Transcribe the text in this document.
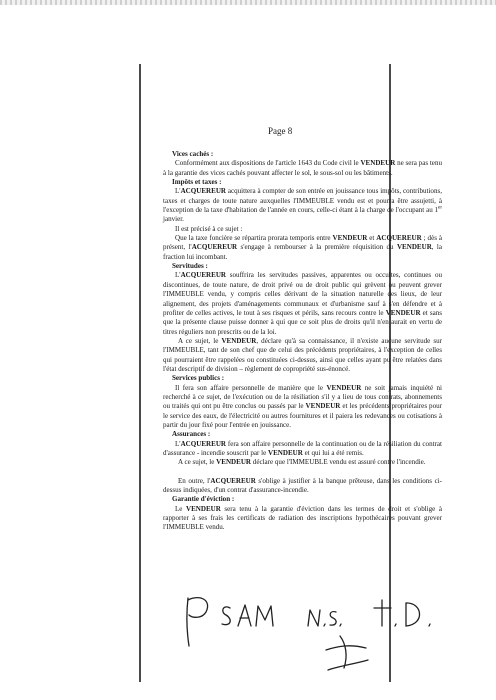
Page 8

Vices cachés :

Conformément aux dispositions de l'article 1643 du Code civil le VENDEUR ne sera pas tenu à la garantie des vices cachés pouvant affecter le sol, le sous-sol ou les bâtiments.

Impôts et taxes :

L'ACQUEREUR acquittera à compter de son entrée en jouissance tous impôts, contributions, taxes et charges de toute nature auxquelles l'IMMEUBLE vendu est et pourra être assujetti, à l'exception de la taxe d'habitation de l'année en cours, celle-ci étant à la charge de l'occupant au 1er janvier.

Il est précisé à ce sujet :

Que la taxe foncière se répartira prorata temporis entre VENDEUR et ACQUEREUR ; dès à présent, l'ACQUEREUR s'engage à rembourser à la première réquisition du VENDEUR, la fraction lui incombant.

Servitudes :

L'ACQUEREUR souffrira les servitudes passives, apparentes ou occultes, continues ou discontinues, de toute nature, de droit privé ou de droit public qui grèvent ou peuvent grever l'IMMEUBLE vendu, y compris celles dérivant de la situation naturelle des lieux, de leur alignement, des projets d'aménagements communaux et d'urbanisme sauf à s'en défendre et à profiter de celles actives, le tout à ses risques et périls, sans recours contre le VENDEUR et sans que la présente clause puisse donner à qui que ce soit plus de droits qu'il n'en aurait en vertu de titres réguliers non prescrits ou de la loi.

A ce sujet, le VENDEUR, déclare qu'à sa connaissance, il n'existe aucune servitude sur l'IMMEUBLE, tant de son chef que de celui des précédents propriétaires, à l'exception de celles qui pourraient être rappelées ou constituées ci-dessus, ainsi que celles ayant pu être relatées dans l'état descriptif de division – règlement de copropriété sus-énoncé.

Services publics :

Il fera son affaire personnelle de manière que le VENDEUR ne soit jamais inquiété ni recherché à ce sujet, de l'exécution ou de la résiliation s'il y a lieu de tous contrats, abonnements ou traités qui ont pu être conclus ou passés par le VENDEUR et les précédents propriétaires pour le service des eaux, de l'électricité ou autres fournitures et il paiera les redevances ou cotisations à partir du jour fixé pour l'entrée en jouissance.

Assurances :

L'ACQUEREUR fera son affaire personnelle de la continuation ou de la résiliation du contrat d'assurance - incendie souscrit par le VENDEUR et qui lui a été remis.

A ce sujet, le VENDEUR déclare que l'IMMEUBLE vendu est assuré contre l'incendie.

En outre, l'ACQUEREUR s'oblige à justifier à la banque prêteuse, dans les conditions ci-dessus indiquées, d'un contrat d'assurance-incendie.

Garantie d'éviction :

Le VENDEUR sera tenu à la garantie d'éviction dans les termes de droit et s'oblige à rapporter à ses frais les certificats de radiation des inscriptions hypothécaires pouvant grever l'IMMEUBLE vendu.
